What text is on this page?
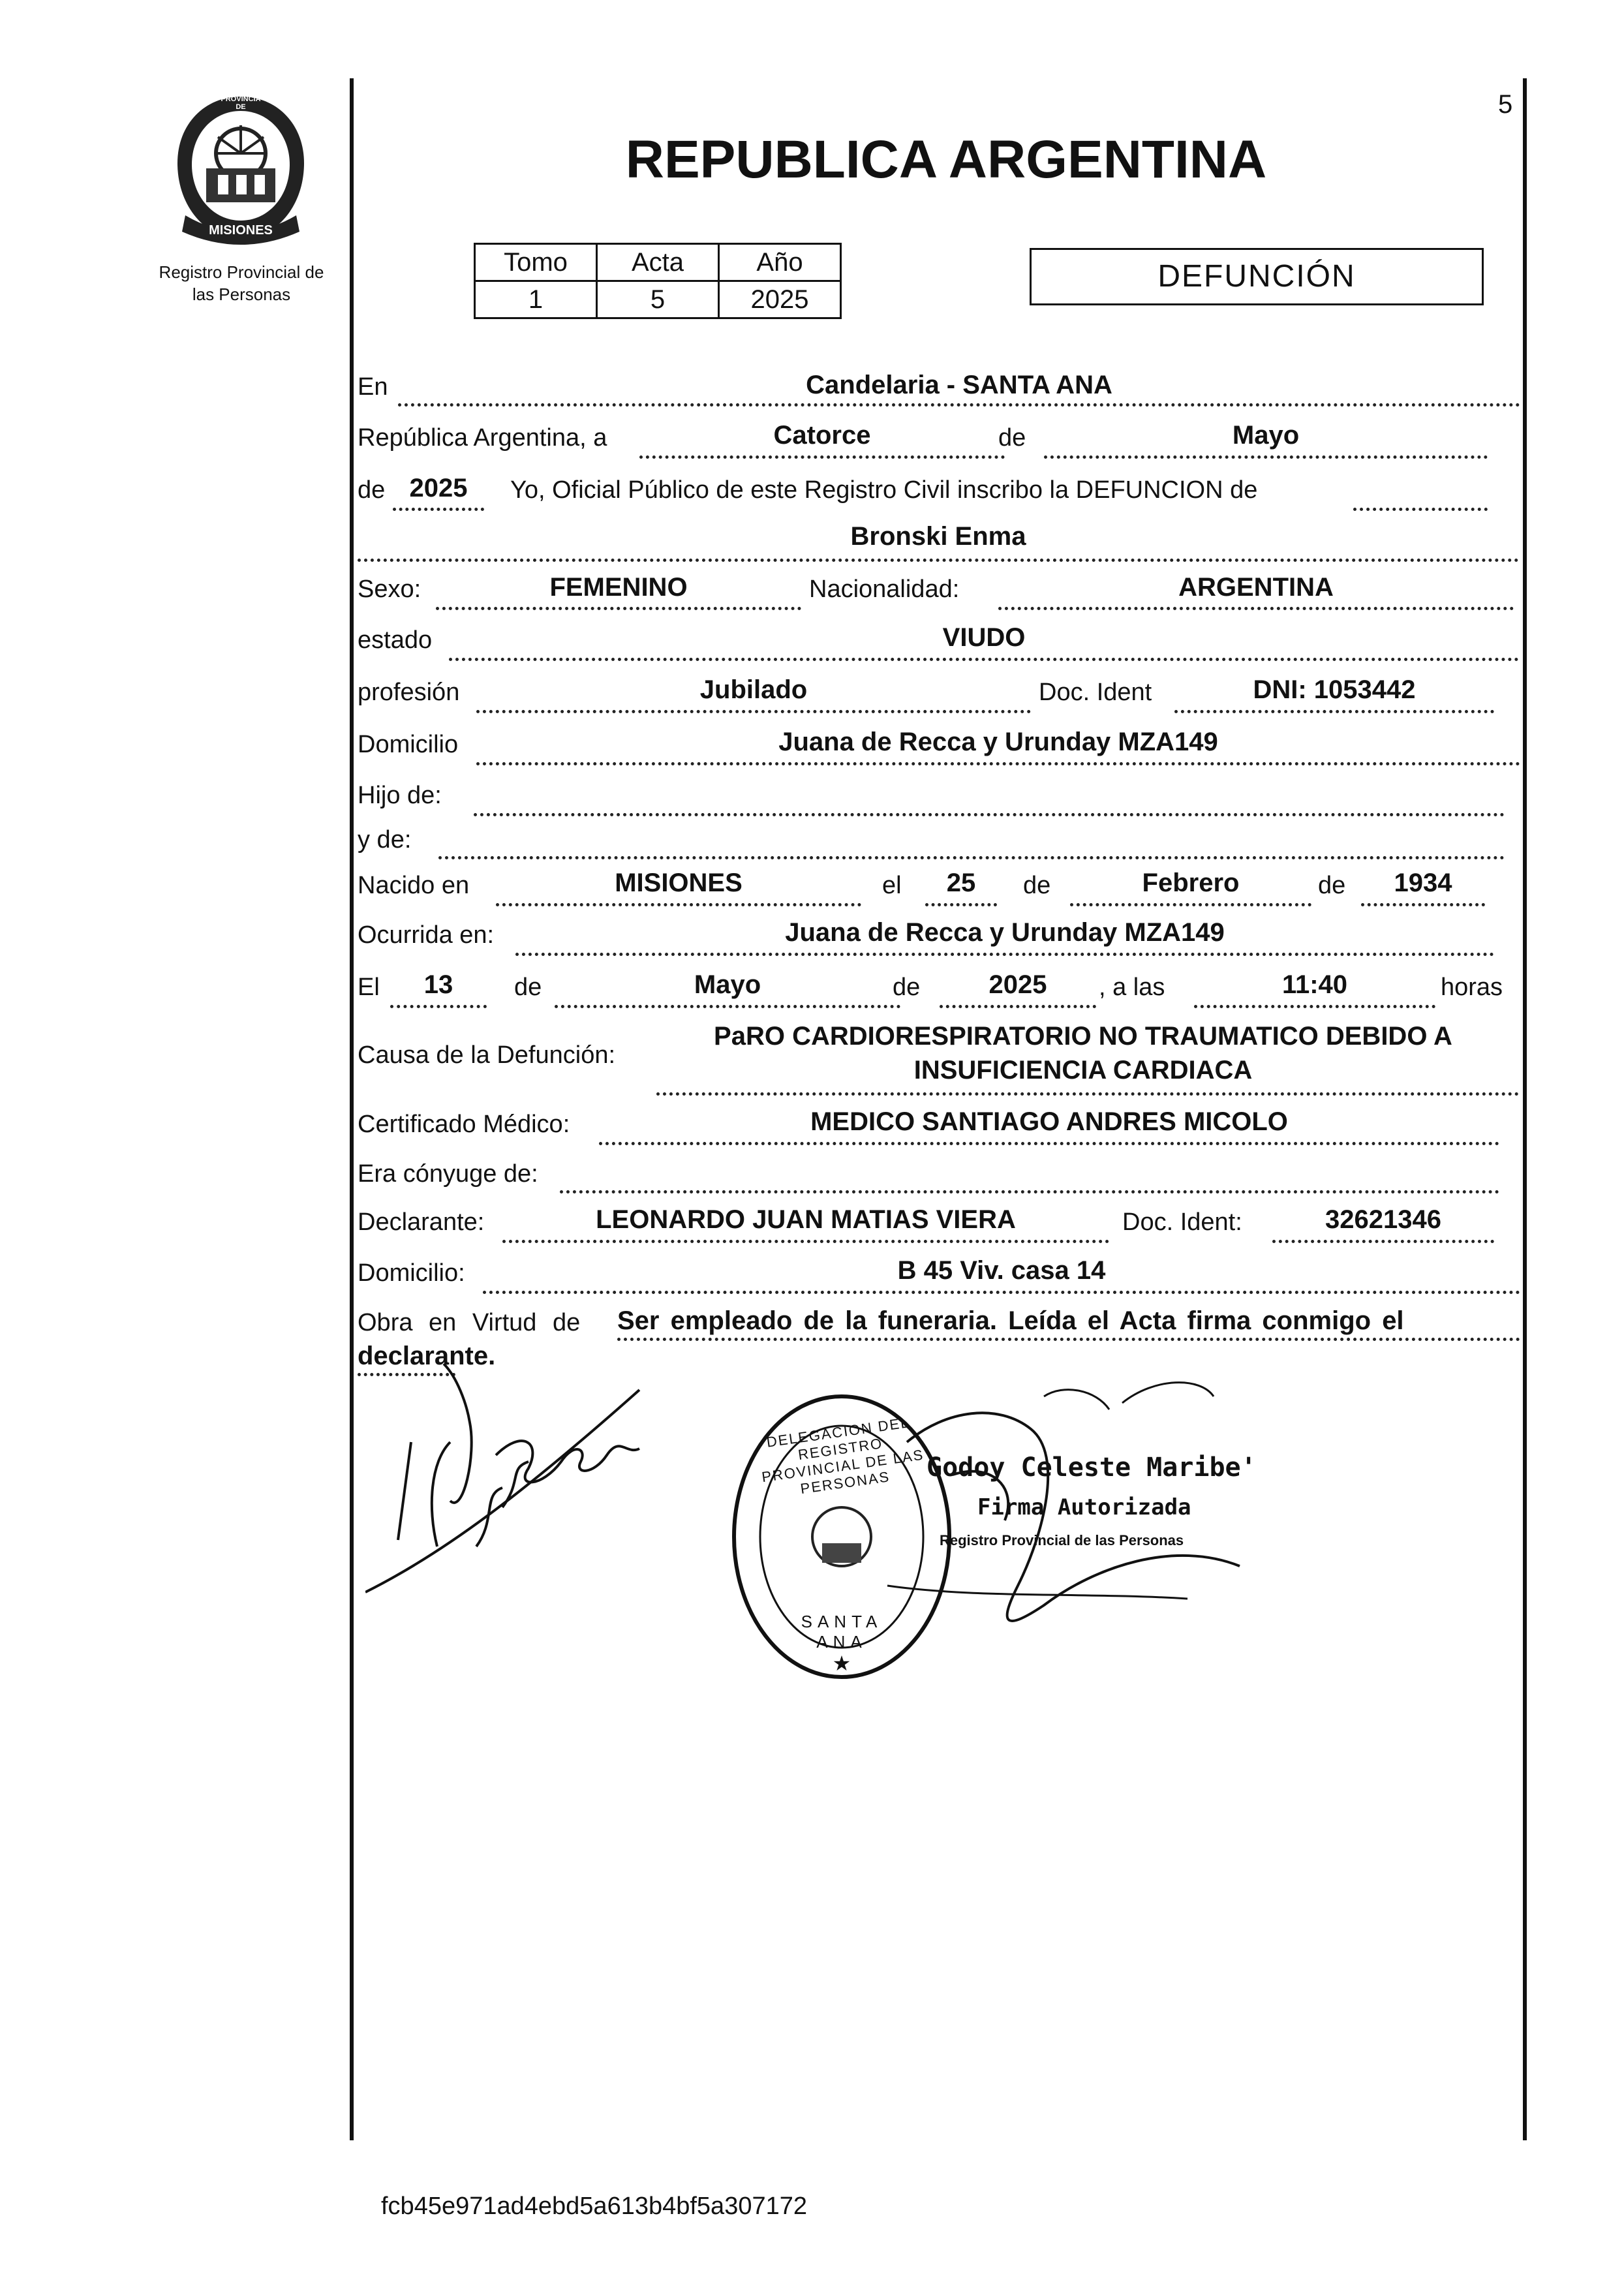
PROVINCIA DE
MISIONES
Registro Provincial de
las Personas
5
REPUBLICA ARGENTINA
Tomo	Acta	Año
1	5	2025
DEFUNCIÓN
En	Candelaria - SANTA ANA
República Argentina, a	Catorce	de	Mayo
de 2025	Yo, Oficial Público de este Registro Civil inscribo la DEFUNCION de
Bronski Enma
Sexo:	FEMENINO	Nacionalidad:	ARGENTINA
estado	VIUDO
profesión	Jubilado	Doc. Ident	DNI: 1053442
Domicilio	Juana de Recca y Urunday MZA149
Hijo de:
y de:
Nacido en	MISIONES	el	25	de	Febrero	de	1934
Ocurrida en:	Juana de Recca y Urunday MZA149
El	13	de	Mayo	de	2025	, a las	11:40	horas
Causa de la Defunción:
PaRO CARDIORESPIRATORIO NO TRAUMATICO DEBIDO A
INSUFICIENCIA CARDIACA
Certificado Médico:	MEDICO SANTIAGO ANDRES MICOLO
Era cónyuge de:
Declarante:	LEONARDO JUAN MATIAS VIERA	Doc. Ident:	32621346
Domicilio:	B 45 Viv. casa 14
Obra en Virtud de Ser empleado de la funeraria. Leída el Acta firma conmigo el
declarante.
★
DELEGACION DEL REGISTRO PROVINCIAL DE LAS PERSONAS
SANTA ANA
Godoy Celeste Maribe'
Firma Autorizada
Registro Provincial de las Personas
fcb45e971ad4ebd5a613b4bf5a307172
